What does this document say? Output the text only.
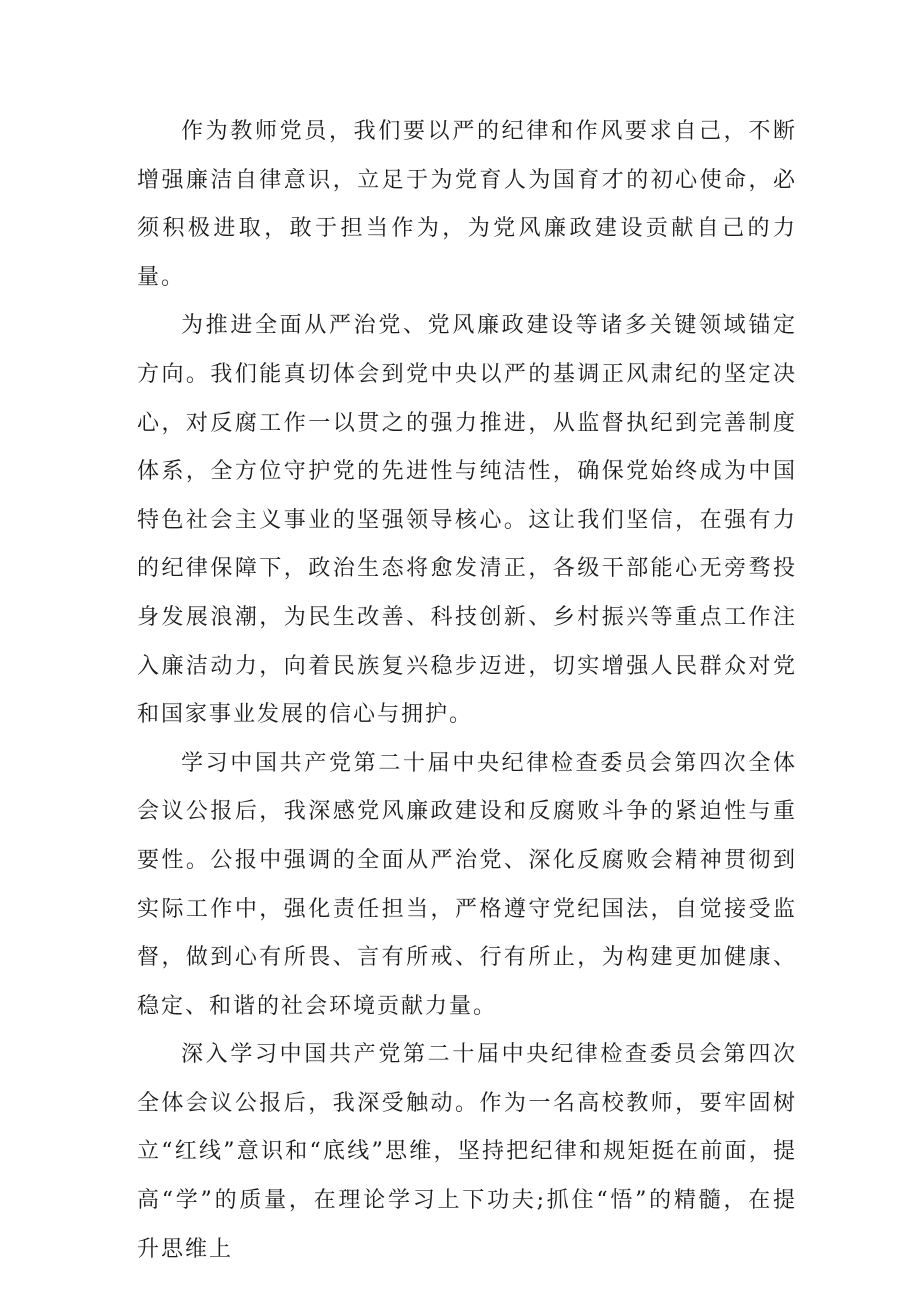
作为教师党员，我们要以严的纪律和作风要求自己，不断增强廉洁自律意识，立足于为党育人为国育才的初心使命，必须积极进取，敢于担当作为，为党风廉政建设贡献自己的力量。

为推进全面从严治党、党风廉政建设等诸多关键领域锚定方向。我们能真切体会到党中央以严的基调正风肃纪的坚定决心，对反腐工作一以贯之的强力推进，从监督执纪到完善制度体系，全方位守护党的先进性与纯洁性，确保党始终成为中国特色社会主义事业的坚强领导核心。这让我们坚信，在强有力的纪律保障下，政治生态将愈发清正，各级干部能心无旁骛投身发展浪潮，为民生改善、科技创新、乡村振兴等重点工作注入廉洁动力，向着民族复兴稳步迈进，切实增强人民群众对党和国家事业发展的信心与拥护。

学习中国共产党第二十届中央纪律检查委员会第四次全体会议公报后，我深感党风廉政建设和反腐败斗争的紧迫性与重要性。公报中强调的全面从严治党、深化反腐败会精神贯彻到实际工作中，强化责任担当，严格遵守党纪国法，自觉接受监督，做到心有所畏、言有所戒、行有所止，为构建更加健康、稳定、和谐的社会环境贡献力量。

深入学习中国共产党第二十届中央纪律检查委员会第四次全体会议公报后，我深受触动。作为一名高校教师，要牢固树立“红线”意识和“底线”思维，坚持把纪律和规矩挺在前面，提高“学”的质量，在理论学习上下功夫;抓住“悟”的精髓，在提升思维上
